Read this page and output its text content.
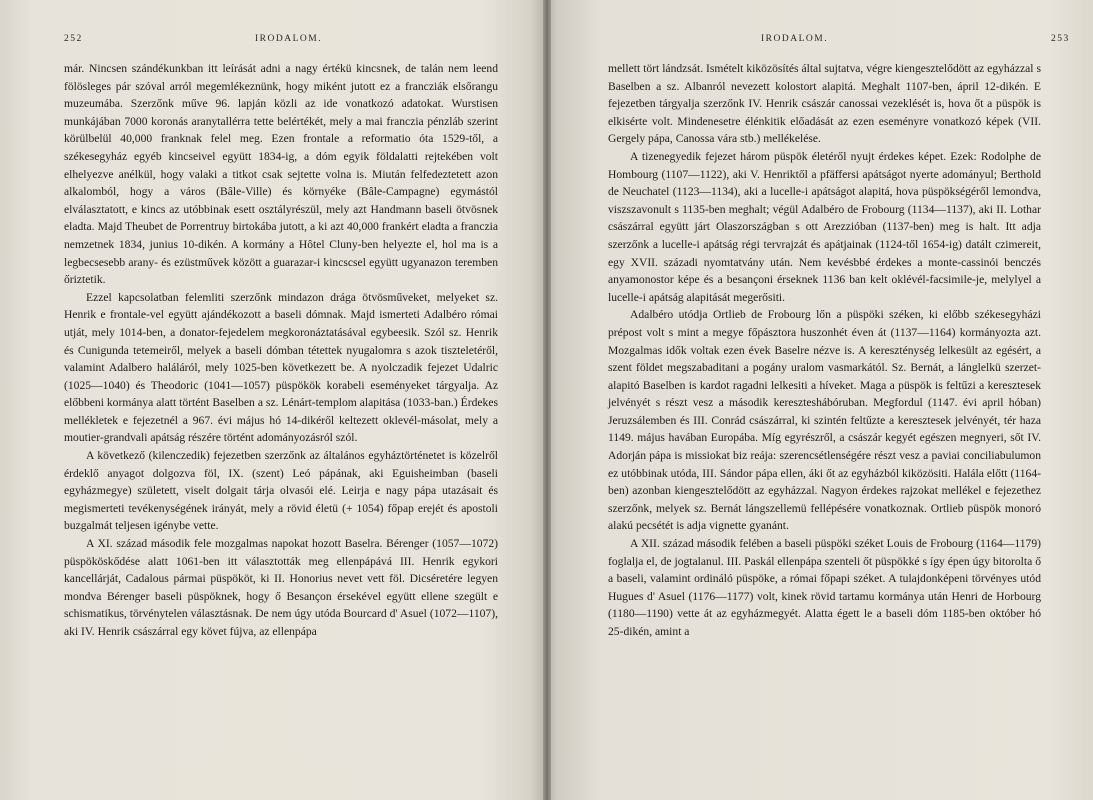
252	IRODALOM.

már. Nincsen szándékunkban itt leírását adni a nagy értékü kincsnek, de talán nem leend fölösleges pár szóval arról megemlékeznünk, hogy miként jutott ez a francziák elsőrangu muzeumába. Szerzőnk műve 96. lapján közli az ide vonatkozó adatokat. Wurstisen munkájában 7000 koronás aranytallérra tette belértékét, mely a mai franczia pénzláb szerint körülbelül 40,000 franknak felel meg. Ezen frontale a reformatio óta 1529-től, a székesegyház egyéb kincseivel együtt 1834-ig, a dóm egyik földalatti rejtekében volt elhelyezve anélkül, hogy valaki a titkot csak sejtette volna is. Miután felfedeztetett azon alkalomból, hogy a város (Bâle-Ville) és környéke (Bâle-Campagne) egymástól elválasztatott, e kincs az utóbbinak esett osztályrészül, mely azt Handmann baseli ötvösnek eladta. Majd Theubet de Porrentruy birtokába jutott, a ki azt 40,000 frankért eladta a franczia nemzetnek 1834, junius 10-dikén. A kormány a Hôtel Cluny-ben helyezte el, hol ma is a legbecsesebb arany- és ezüstművek között a guarazar-i kincscsel együtt ugyanazon teremben őriztetik.

Ezzel kapcsolatban felemliti szerzőnk mindazon drága ötvösműveket, melyeket sz. Henrik e frontale-vel együtt ajándékozott a baseli dómnak. Majd ismerteti Adalbéro római utját, mely 1014-ben, a donator-fejedelem megkoronáztatásával egybeesik. Szól sz. Henrik és Cunigunda tetemeiről, melyek a baseli dómban tétettek nyugalomra s azok tiszteletéről, valamint Adalbero haláláról, mely 1025-ben következett be. A nyolczadik fejezet Udalric (1025—1040) és Theodoric (1041—1057) püspökök korabeli eseményeket tárgyalja. Az előbbeni kormánya alatt történt Baselben a sz. Lénárt-templom alapitása (1033-ban.) Érdekes mellékletek e fejezetnél a 967. évi május hó 14-dikéről keltezett oklevél-másolat, mely a moutier-grandvali apátság részére történt adományozásról szól.

A következő (kilenczedik) fejezetben szerzőnk az általános egyháztörténetet is közelről érdeklő anyagot dolgozva föl, IX. (szent) Leó pápának, aki Eguisheimban (baseli egyházmegye) született, viselt dolgait tárja olvasói elé. Leirja e nagy pápa utazásait és megismerteti tevékenységének irányát, mely a rövid életü (+ 1054) főpap erejét és apostoli buzgalmát teljesen igénybe vette.

A XI. század második fele mozgalmas napokat hozott Baselra. Bérenger (1057—1072) püspököskődése alatt 1061-ben itt választották meg ellenpápává III. Henrik egykori kancellárját, Cadalous pármai püspököt, ki II. Honorius nevet vett föl. Dicséretére legyen mondva Bérenger baseli püspöknek, hogy ő Besançon érsekével együtt ellene szegült e schismatikus, törvénytelen választásnak. De nem úgy utóda Bourcard d' Asuel (1072—1107), aki IV. Henrik császárral egy követ fújva, az ellenpápa

IRODALOM.	253

mellett tört lándzsát. Ismételt kiközösítés által sujtatva, végre kiengesztelődött az egyházzal s Baselben a sz. Albanról nevezett kolostort alapitá. Meghalt 1107-ben, ápril 12-dikén. E fejezetben tárgyalja szerzőnk IV. Henrik császár canossai vezeklését is, hova őt a püspök is elkisérte volt. Mindenesetre élénkitik előadását az ezen eseményre vonatkozó képek (VII. Gergely pápa, Canossa vára stb.) mellékelése.

A tizenegyedik fejezet három püspök életéről nyujt érdekes képet. Ezek: Rodolphe de Hombourg (1107—1122), aki V. Henriktől a pfäffersi apátságot nyerte adományul; Berthold de Neuchatel (1123—1134), aki a lucelle-i apátságot alapitá, hova püspökségéről lemondva, viszszavonult s 1135-ben meghalt; végül Adalbéro de Frobourg (1134—1137), aki II. Lothar császárral együtt járt Olaszországban s ott Arezzióban (1137-ben) meg is halt. Itt adja szerzőnk a lucelle-i apátság régi tervrajzát és apátjainak (1124-től 1654-ig) datált czimereit, egy XVII. századi nyomtatvány után. Nem kevésbbé érdekes a monte-cassinói benczés anyamonostor képe és a besançoni érseknek 1136 ban kelt oklévél-facsimile-je, melylyel a lucelle-i apátság alapitását megerősiti.

Adalbéro utódja Ortlieb de Frobourg lőn a püspöki széken, ki előbb székesegyházi prépost volt s mint a megye főpásztora huszonhét éven át (1137—1164) kormányozta azt. Mozgalmas idők voltak ezen évek Baselre nézve is. A kereszténység lelkesült az egésért, a szent földet megszabaditani a pogány uralom vasmarkától. Sz. Bernát, a lánglelkü szerzet-alapitó Baselben is kardot ragadni lelkesiti a híveket. Maga a püspök is feltűzi a keresztesek jelvényét s részt vesz a második kereszteshábóruban. Megfordul (1147. évi april hóban) Jeruzsálemben és III. Conrád császárral, ki szintén feltűzte a keresztesek jelvényét, tér haza 1149. május havában Europába. Míg egyrészről, a császár kegyét egészen megnyeri, sőt IV. Adorján pápa is missiokat biz reája: szerencsétlenségére részt vesz a paviai conciliabulumon ez utóbbinak utóda, III. Sándor pápa ellen, áki őt az egyházból kiközösiti. Halála előtt (1164-ben) azonban kiengesztelődött az egyházzal. Nagyon érdekes rajzokat mellékel e fejezethez szerzőnk, melyek sz. Bernát lángszellemü fellépésére vonatkoznak. Ortlieb püspök monoró alakú pecsétét is adja vignette gyanánt.

A XII. század második felében a baseli püspöki széket Louis de Frobourg (1164—1179) foglalja el, de jogtalanul. III. Paskál ellenpápa szenteli őt püspökké s így épen úgy bitorolta ő a baseli, valamint ordináló püspöke, a római főpapi széket. A tulajdonképeni törvényes utód Hugues d' Asuel (1176—1177) volt, kinek rövid tartamu kormánya után Henri de Horbourg (1180—1190) vette át az egyházmegyét. Alatta égett le a baseli dóm 1185-ben október hó 25-dikén, amint a
